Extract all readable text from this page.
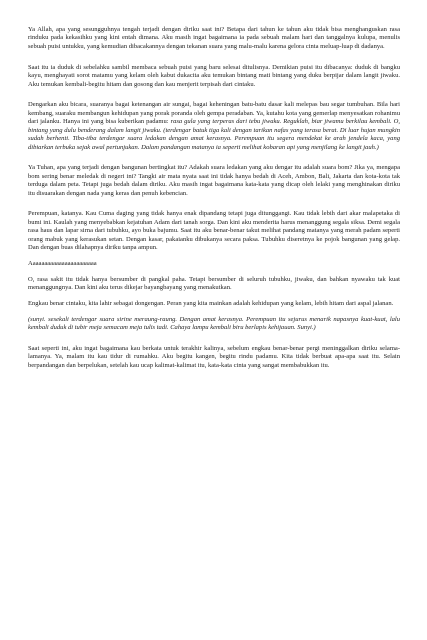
Ya Allah, apa yang sesungguhnya tengah terjadi dengan diriku saat ini? Betapa dari tahun ke tahun aku tidak bisa menghanguskan rasa rinduku pada kekasihku yang kini entah dimana. Aku masih ingat bagaimana ia pada sebuah malam hari dan tanggalnya kulupa, menulis sebuah puisi untukku, yang kemudian dibacakannya dengan tekanan suara yang malu-malu karena gelora cinta meluap-luap di dadanya.

Saat itu ia duduk di sebelahku sambil membaca sebuah puisi yang baru selesai ditulisnya. Demikian puisi itu dibacanya: duduk di bangku kayu, menghayati sorot matamu yang kelam oleh kabut dukacita aku temukan bintang mati bintang yang duku berpijar dalam langit jiwaku. Aku temukan kembali-begitu hitam dan gosong dan kau menjerit terpisah dari cintaku.

Dengarkan aku bicara, suaranya bagai ketenangan air sungai, bagai keheningan batu-batu dasar kali melepas bau segar tumbuhan. Bila hari kembang, suaraku membangun kehidupan yang porak poranda oleh gempa peradaban. Ya, kutahu kota yang gemerlap menyesatkan rohanimu dari jalanku. Hanya ini yang bisa kuberikan padamu: rasa gula yang terperas dari tebu jiwaku. Reguklah, biar jiwamu berkilau kembali. O, bintang yang dulu benderang dalam langit jiwaku. (terdengar batuk tiga kali dengan tarikan nafas yang terasa berat. Di luar hujan mungkin sudah berhenti. Tiba-tiba terdengar suara ledakan dengan amat kerasnya. Perempuan itu segera mendekat ke arah jendela kaca, yang dibiarkan terbuka sejak awal pertunjukan. Dalam pandangan matanya ia seperti melihat kobaran api yang menjilang ke langit jauh.)

Ya Tuhan, apa yang terjadi dengan bangunan bertingkat itu? Adakah suara ledakan yang aku dengar itu adalah suara bom? Jika ya, mengapa bom sering benar meledak di negeri ini? Tangki air mata nyata saat ini tidak hanya bedah di Aceh, Ambon, Bali, Jakarta dan kota-kota tak terduga dalam peta. Tetapi juga bedah dalam diriku. Aku masih ingat bagaimana kata-kata yang dicap oleh lelaki yang menghinakan diriku itu disuarakan dengan nada yang keras dan penuh kebencian.

Perempuan, katanya. Kau Cuma daging yang tidak hanya enak dipandang tetapi juga ditunggangi. Kau tidak lebih dari akar malapetaka di bumi ini. Kaulah yang menyebabkan kejatuhan Adam dari tanah sorga. Dan kini aku menderita harus menanggung segala siksa. Demi segala rasa haus dan lapar sirna dari tubuhku, ayo buka bajumu. Saat itu aku benar-benar takut melihat pandang matanya yang merah padam seperti orang mabuk yang kerasukan setan. Dengan kasar, pakaianku dibukanya secara paksa. Tubuhku diseretnya ke pojok bangunan yang gelap. Dan dengan buas dilahapnya diriku tanpa ampun.

Aaaaaaaaaaaaaaaaaaaaaaa

O, rasa sakit itu tidak hanya bersumber di pangkal paha. Tetapi bersumber di seluruh tubuhku, jiwaku, dan bahkan nyawaku tak kuat menanggungnya. Dan kini aku terus dikejar bayangbayang yang menakutkan.

Engkau benar cintaku, kita lahir sebagai dongengan. Peran yang kita mainkan adalah kehidupan yang kelam, lebih hitam dari aspal jalanan.

(sunyi. sesekali terdengar suara sirine meraung-raung. Dengan amat kerasnya. Perempuan itu sejurus menarik napasnya kuat-kuat, lalu kembali duduk di tubir meja semacam meja tulis tadi. Cahaya lampu kembali biru berlapis kehijauan. Sunyi.)

Saat seperti ini, aku ingat bagaimana kau berkata untuk terakhir kalinya, sebelum engkau benar-benar pergi meninggalkan diriku selama-lamanya. Ya, malam itu kau tidur di rumahku. Aku begitu kangen, begitu rindu padamu. Kita tidak berbuat apa-apa saat itu. Selain berpandangan dan berpelukan, setelah kau ucap kalimat-kalimat itu, kata-kata cinta yang sangat membabukkan itu.
